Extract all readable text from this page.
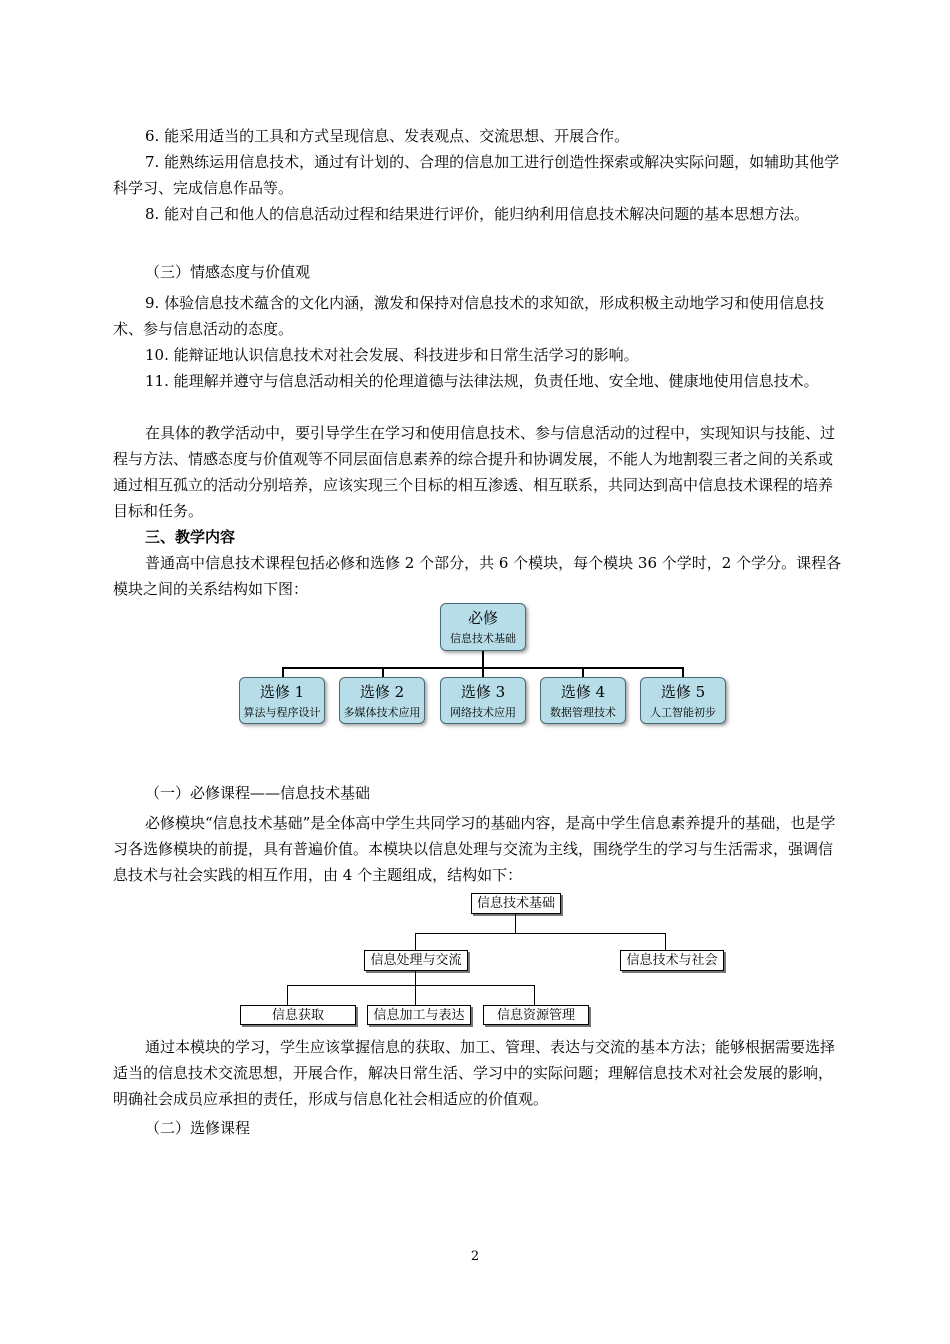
6. 能采用适当的工具和方式呈现信息、发表观点、交流思想、开展合作。

7. 能熟练运用信息技术，通过有计划的、合理的信息加工进行创造性探索或解决实际问题，如辅助其他学科学习、完成信息作品等。

8. 能对自己和他人的信息活动过程和结果进行评价，能归纳利用信息技术解决问题的基本思想方法。

（三）情感态度与价值观

9. 体验信息技术蕴含的文化内涵，激发和保持对信息技术的求知欲，形成积极主动地学习和使用信息技术、参与信息活动的态度。

10. 能辩证地认识信息技术对社会发展、科技进步和日常生活学习的影响。

11. 能理解并遵守与信息活动相关的伦理道德与法律法规，负责任地、安全地、健康地使用信息技术。

在具体的教学活动中，要引导学生在学习和使用信息技术、参与信息活动的过程中，实现知识与技能、过程与方法、情感态度与价值观等不同层面信息素养的综合提升和协调发展，不能人为地割裂三者之间的关系或通过相互孤立的活动分别培养，应该实现三个目标的相互渗透、相互联系，共同达到高中信息技术课程的培养目标和任务。

三、教学内容

普通高中信息技术课程包括必修和选修 2 个部分，共 6 个模块，每个模块 36 个学时，2 个学分。课程各模块之间的关系结构如下图：

必修
信息技术基础
选修 1
算法与程序设计
选修 2
多媒体技术应用
选修 3
网络技术应用
选修 4
数据管理技术
选修 5
人工智能初步

（一）必修课程——信息技术基础

必修模块“信息技术基础”是全体高中学生共同学习的基础内容，是高中学生信息素养提升的基础，也是学习各选修模块的前提，具有普遍价值。本模块以信息处理与交流为主线，围绕学生的学习与生活需求，强调信息技术与社会实践的相互作用，由 4 个主题组成，结构如下：

信息技术基础
信息处理与交流	信息技术与社会
信息获取	信息加工与表达	信息资源管理

通过本模块的学习，学生应该掌握信息的获取、加工、管理、表达与交流的基本方法；能够根据需要选择适当的信息技术交流思想，开展合作，解决日常生活、学习中的实际问题；理解信息技术对社会发展的影响，明确社会成员应承担的责任，形成与信息化社会相适应的价值观。

（二）选修课程

2
